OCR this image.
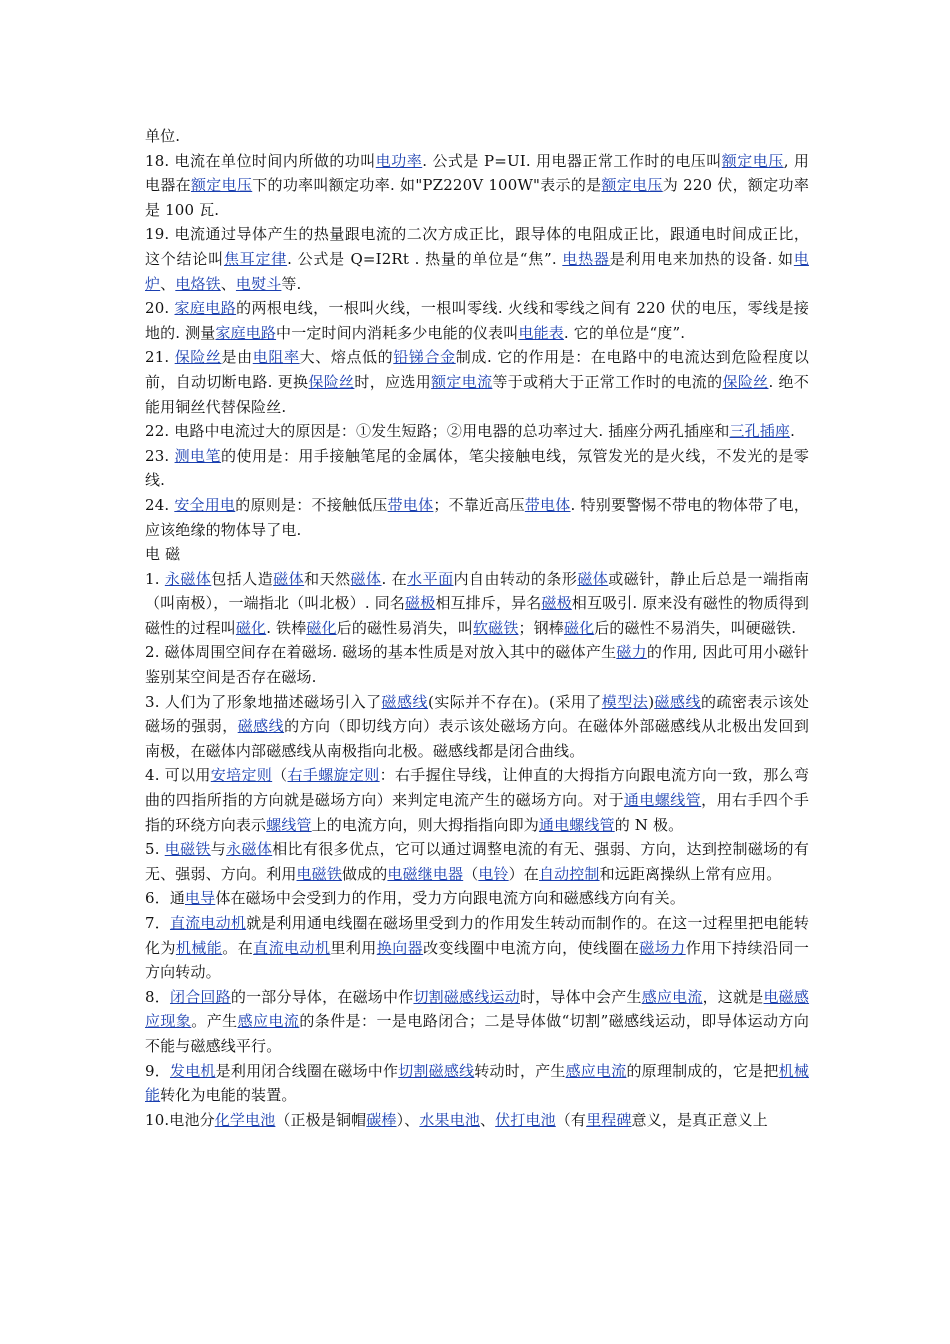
单位.

18. 电流在单位时间内所做的功叫电功率. 公式是 P=UI. 用电器正常工作时的电压叫额定电压, 用电器在额定电压下的功率叫额定功率. 如"PZ220V 100W"表示的是额定电压为 220 伏，额定功率是 100 瓦.

19. 电流通过导体产生的热量跟电流的二次方成正比，跟导体的电阻成正比，跟通电时间成正比，这个结论叫焦耳定律. 公式是 Q=I2Rt . 热量的单位是“焦”. 电热器是利用电来加热的设备. 如电炉、电烙铁、电熨斗等.

20. 家庭电路的两根电线，一根叫火线，一根叫零线. 火线和零线之间有 220 伏的电压，零线是接地的. 测量家庭电路中一定时间内消耗多少电能的仪表叫电能表. 它的单位是“度”.

21. 保险丝是由电阻率大、熔点低的铅锑合金制成. 它的作用是：在电路中的电流达到危险程度以前，自动切断电路. 更换保险丝时，应选用额定电流等于或稍大于正常工作时的电流的保险丝. 绝不能用铜丝代替保险丝.

22. 电路中电流过大的原因是：①发生短路；②用电器的总功率过大. 插座分两孔插座和三孔插座.

23. 测电笔的使用是：用手接触笔尾的金属体，笔尖接触电线，氖管发光的是火线，不发光的是零线.

24. 安全用电的原则是：不接触低压带电体；不靠近高压带电体. 特别要警惕不带电的物体带了电，应该绝缘的物体导了电.

电 磁

1. 永磁体包括人造磁体和天然磁体. 在水平面内自由转动的条形磁体或磁针，静止后总是一端指南（叫南极），一端指北（叫北极）. 同名磁极相互排斥，异名磁极相互吸引. 原来没有磁性的物质得到磁性的过程叫磁化. 铁棒磁化后的磁性易消失，叫软磁铁；钢棒磁化后的磁性不易消失，叫硬磁铁.

2. 磁体周围空间存在着磁场. 磁场的基本性质是对放入其中的磁体产生磁力的作用, 因此可用小磁针鉴别某空间是否存在磁场.

3. 人们为了形象地描述磁场引入了磁感线(实际并不存在)。(采用了模型法)磁感线的疏密表示该处磁场的强弱，磁感线的方向（即切线方向）表示该处磁场方向。在磁体外部磁感线从北极出发回到南极，在磁体内部磁感线从南极指向北极。磁感线都是闭合曲线。

4. 可以用安培定则（右手螺旋定则：右手握住导线，让伸直的大拇指方向跟电流方向一致，那么弯曲的四指所指的方向就是磁场方向）来判定电流产生的磁场方向。对于通电螺线管，用右手四个手指的环绕方向表示螺线管上的电流方向，则大拇指指向即为通电螺线管的 N 极。

5. 电磁铁与永磁体相比有很多优点，它可以通过调整电流的有无、强弱、方向，达到控制磁场的有无、强弱、方向。利用电磁铁做成的电磁继电器（电铃）在自动控制和远距离操纵上常有应用。

6．通电导体在磁场中会受到力的作用，受力方向跟电流方向和磁感线方向有关。

7．直流电动机就是利用通电线圈在磁场里受到力的作用发生转动而制作的。在这一过程里把电能转化为机械能。在直流电动机里利用换向器改变线圈中电流方向，使线圈在磁场力作用下持续沿同一方向转动。

8．闭合回路的一部分导体，在磁场中作切割磁感线运动时，导体中会产生感应电流，这就是电磁感应现象。产生感应电流的条件是：一是电路闭合；二是导体做“切割”磁感线运动，即导体运动方向不能与磁感线平行。

9．发电机是利用闭合线圈在磁场中作切割磁感线转动时，产生感应电流的原理制成的，它是把机械能转化为电能的装置。

10.电池分化学电池（正极是铜帽碳棒）、水果电池、伏打电池（有里程碑意义，是真正意义上
